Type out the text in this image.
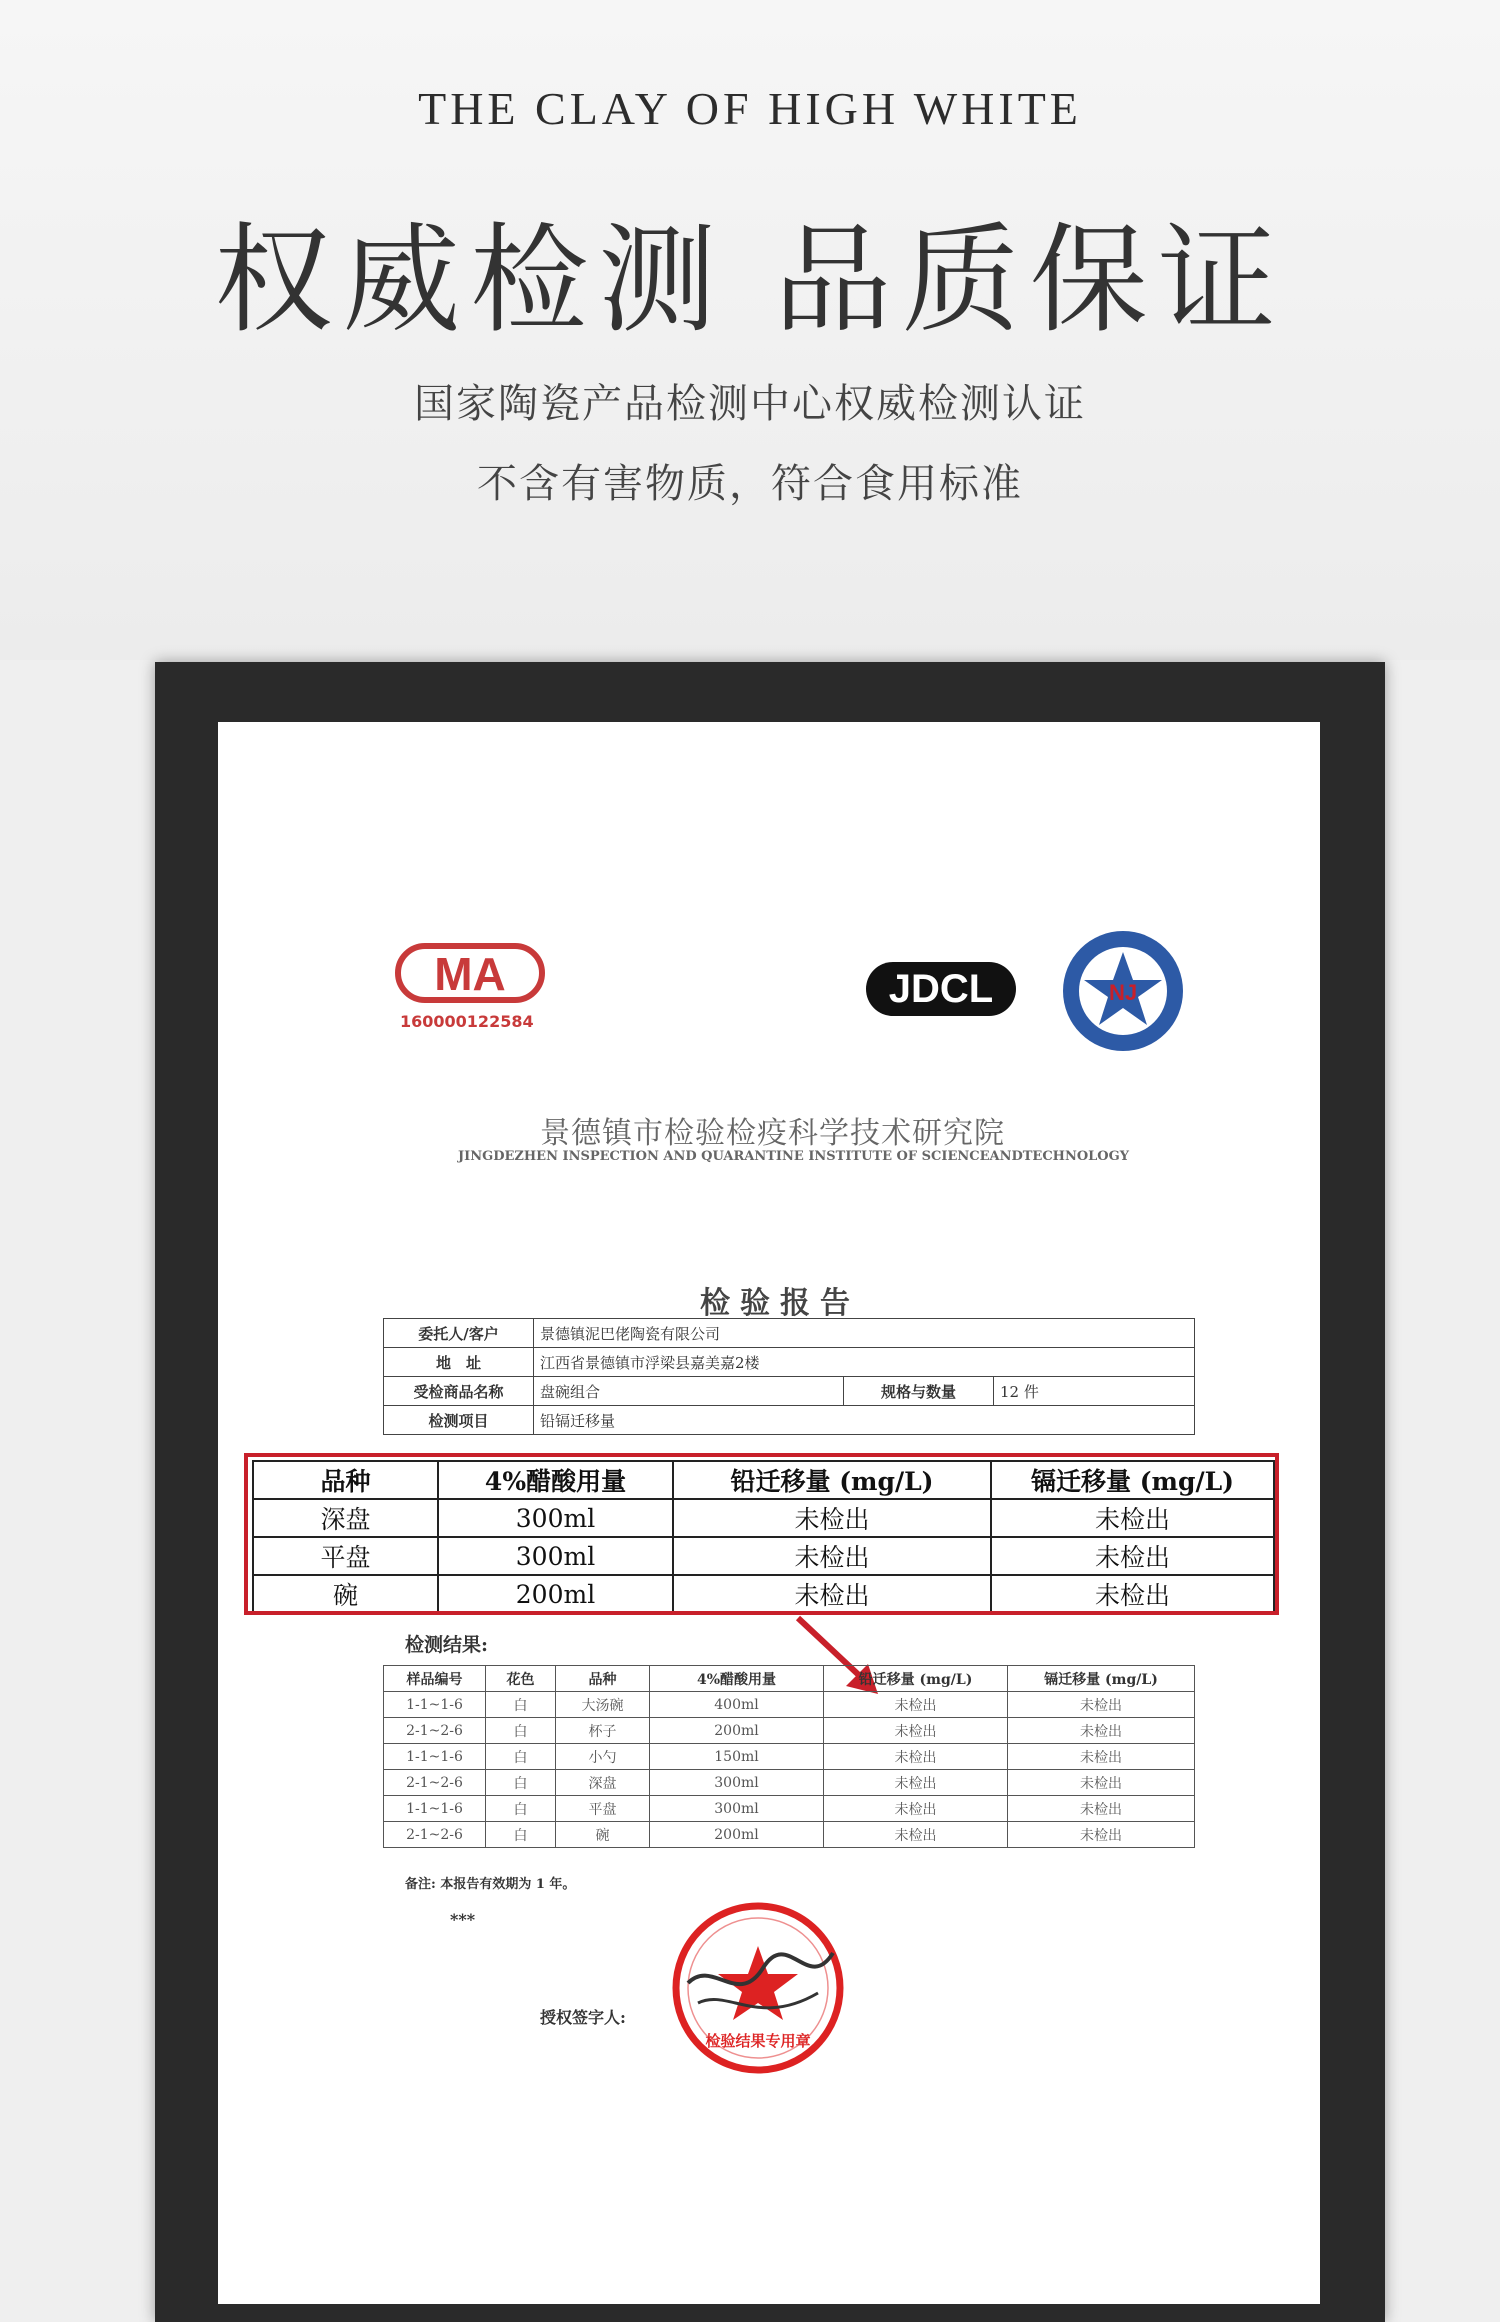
THE CLAY OF HIGH WHITE
权威检测 品质保证
国家陶瓷产品检测中心权威检测认证
不含有害物质，符合食用标准
MA
160000122584
JDCL	NJ
景德镇市检验检疫科学技术研究院
JINGDEZHEN INSPECTION AND QUARANTINE INSTITUTE OF SCIENCEANDTECHNOLOGY
检验报告
委托人/客户	景德镇泥巴佬陶瓷有限公司		
地　址	江西省景德镇市浮梁县嘉美嘉2楼		
受检商品名称	盘碗组合	规格与数量	12 件
检测项目	铅镉迁移量		
品种	4%醋酸用量	铅迁移量 (mg/L)	镉迁移量 (mg/L)
深盘	300ml	未检出	未检出
平盘	300ml	未检出	未检出
碗	200ml	未检出	未检出
检测结果:
样品编号	花色	品种	4%醋酸用量	铅迁移量 (mg/L)	镉迁移量 (mg/L)
1-1~1-6	白	大汤碗	400ml	未检出	未检出
2-1~2-6	白	杯子	200ml	未检出	未检出
1-1~1-6	白	小勺	150ml	未检出	未检出
2-1~2-6	白	深盘	300ml	未检出	未检出
1-1~1-6	白	平盘	300ml	未检出	未检出
2-1~2-6	白	碗	200ml	未检出	未检出
备注: 本报告有效期为 1 年。
***
授权签字人:
检验结果专用章
